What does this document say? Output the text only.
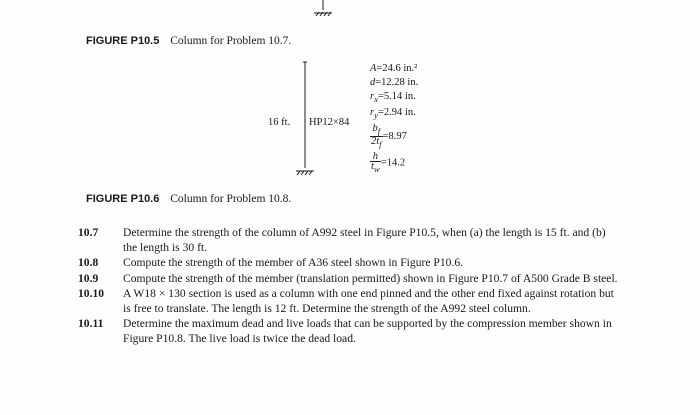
FIGURE P10.5 Column for Problem 10.7.
16 ft. HP12×84
A=24.6 in.²
d=12.28 in.
$r_x=5.14$ in.
$r_y=2.94$ in.
$\frac{b_f}{2t_f} =8.97$
$\frac{h}{t_w} =14.2$
FIGURE P10.6 Column for Problem 10.8.
10.7	Determine the strength of the column of A992 steel in Figure P10.5, when (a) the length is 15 ft. and (b) the length is 30 ft.
10.8	Compute the strength of the member of A36 steel shown in Figure P10.6.
10.9	Compute the strength of the member (translation permitted) shown in Figure P10.7 of A500 Grade B steel.
10.10	A W18 × 130 section is used as a column with one end pinned and the other end fixed against rotation but is free to translate. The length is 12 ft. Determine the strength of the A992 steel column.
10.11	Determine the maximum dead and live loads that can be supported by the compression member shown in Figure P10.8. The live load is twice the dead load.
